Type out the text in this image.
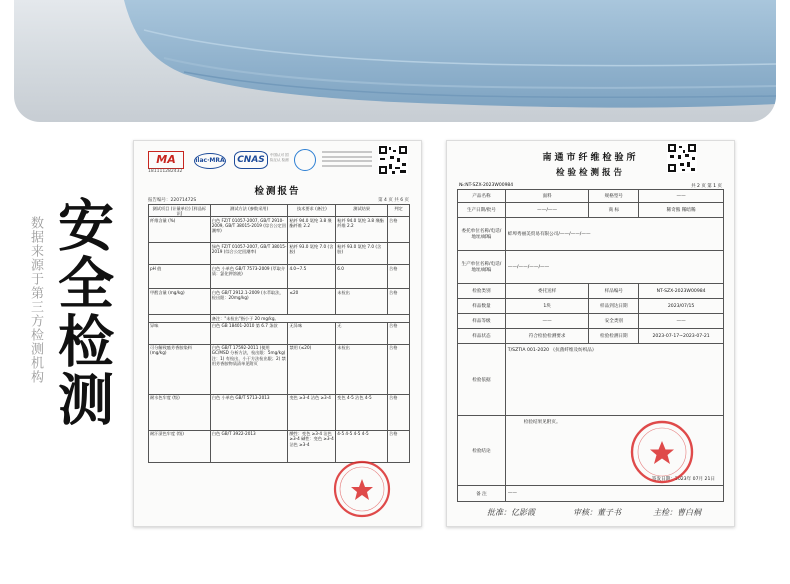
数据来源于第三方检测机构 安全检测
MA
181111282432
ilac·MRA	CNAS	中国认可 国际互认 检测
检测报告
报告编号：22071472S	第 4 页 共 6 页
测试项目 (计量单位) [样品标识]	测试方法 (参数采用)	技术要求 (备注)	测试结果	判定
纤维含量 (%)	白色 FZ/T 01057-2007, GB/T 2910-2009, GB/T 38015-2019 (综合公定回潮率)	粘纤 94.0 氨纶 3.8 聚酯纤维 2.2	粘纤 94.0 氨纶 3.8 聚酯纤维 2.2	合格
	绿色 FZ/T 01057-2007, GB/T 38015-2019 (综合公定回潮率)	粘纤 93.0 氨纶 7.0 (含胶)	粘纤 93.0 氨纶 7.0 (含胶)	
pH 值	白色 小单色 GB/T 7573-2009 (萃取介质：氯化钾溶液)	4.0~7.5	6.0	合格
甲醛含量 (mg/kg)	白色 GB/T 2912.1-2009 (水萃取法，检出限：20mg/kg)	≤20	未检出	合格
	备注："未检出"指小于 20 mg/kg。			
异味	白色 GB 18401-2010 第 6.7 条款	无异味	无	合格
可分解致癌芳香胺染料 (mg/kg)	白色 GB/T 17592-2011 (使用 GC/MSD 分析方法，检出限：5mg/kg) 注：1) 有检出，小于方法检出限；2) 禁用芳香胺物质清单见附页	禁用 (≤20)	未检出	合格
耐水色牢度 (级)	白色 小单色 GB/T 5713-2013	变色 ≥3-4 沾色 ≥3-4	变色 4-5 沾色 4-5	合格
耐汗渍色牢度 (级)	白色 GB/T 3922-2013	酸性：变色 ≥3-4 沾色 ≥3-4 碱性：变色 ≥3-4 沾色 ≥3-4	4-5 4-5 4-5 4-5	合格
南通市纤维检验所
检验检测报告
№:NT-SZX-2023W00984	共 2 页 第 1 页
产品名称	面料	规格型号	——
生产日期/批号	——/——	商 标	稀奇熊 稀暗稀
委托单位名称/电话/地址/邮编	蚌埠秀丽美贸易有限公司/——/——/——		
生产单位名称/电话/地址/邮编	——/——/——/——		
检验类别	委托送样	样品编号	NT-SZX-2023W00984
样品数量	1块	样品到达日期	2023/07/15
样品等级	——	安全类别	——
样品状态	符合检验检测要求	检验检测日期	2023-07-17~2023-07-21
检验依据	T/SZTIA 001-2020 《抗菌纤维及纺织品》		
检验结论	检验结果见附页。
签发日期：2023年 07月 21日		

备 注	——		
批准：亿影霞	审核：董子书	主检：曹白桐
